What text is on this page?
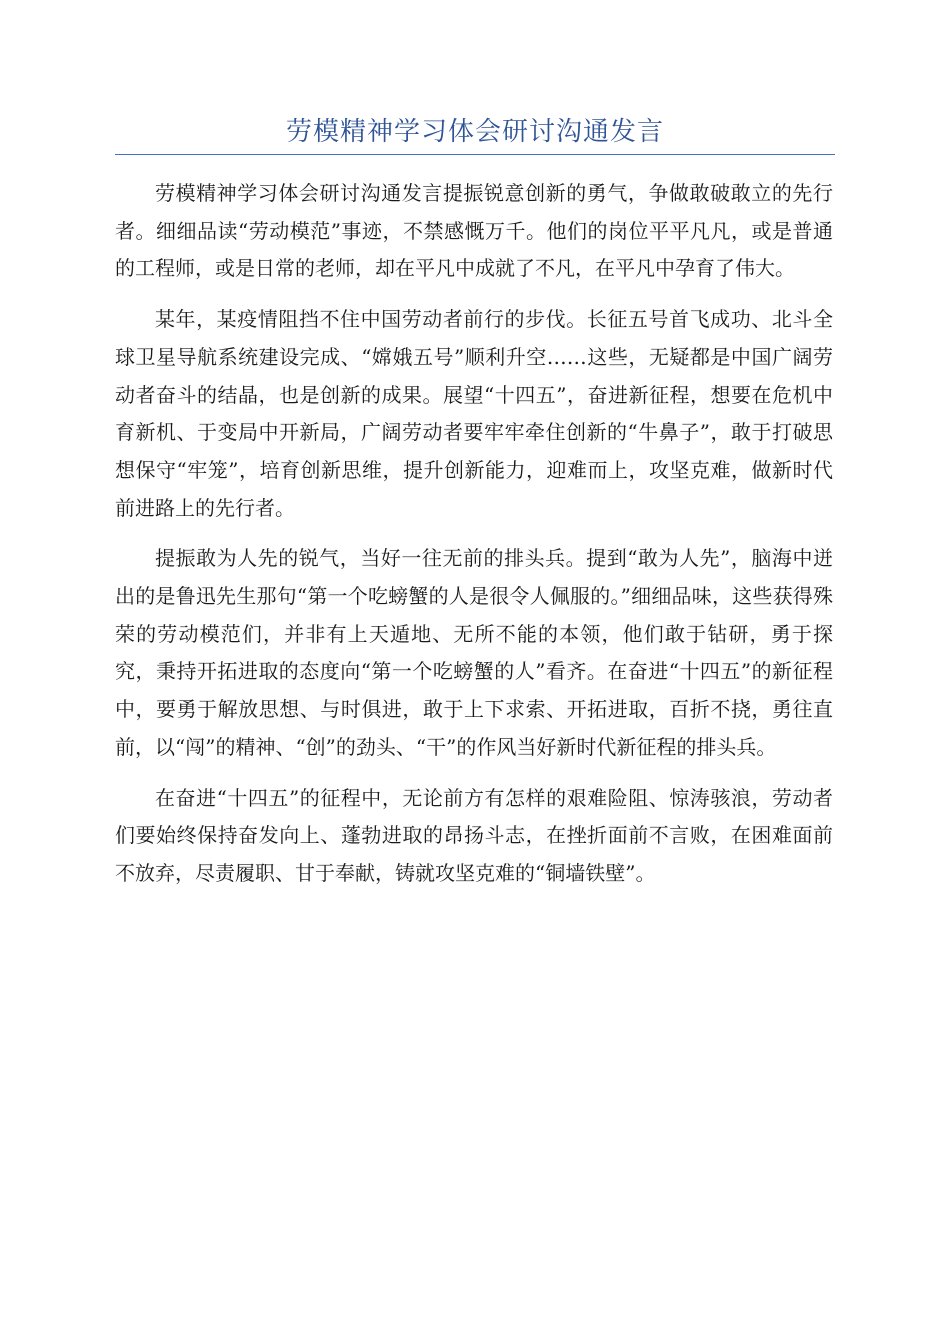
劳模精神学习体会研讨沟通发言

劳模精神学习体会研讨沟通发言提振锐意创新的勇气，争做敢破敢立的先行者。细细品读“劳动模范”事迹，不禁感慨万千。他们的岗位平平凡凡，或是普通的工程师，或是日常的老师，却在平凡中成就了不凡，在平凡中孕育了伟大。

某年，某疫情阻挡不住中国劳动者前行的步伐。长征五号首飞成功、北斗全球卫星导航系统建设完成、“嫦娥五号”顺利升空……这些，无疑都是中国广阔劳动者奋斗的结晶，也是创新的成果。展望“十四五”，奋进新征程，想要在危机中育新机、于变局中开新局，广阔劳动者要牢牢牵住创新的“牛鼻子”，敢于打破思想保守“牢笼”，培育创新思维，提升创新能力，迎难而上，攻坚克难，做新时代前进路上的先行者。

提振敢为人先的锐气，当好一往无前的排头兵。提到“敢为人先”，脑海中迸出的是鲁迅先生那句“第一个吃螃蟹的人是很令人佩服的。”细细品味，这些获得殊荣的劳动模范们，并非有上天遁地、无所不能的本领，他们敢于钻研，勇于探究，秉持开拓进取的态度向“第一个吃螃蟹的人”看齐。在奋进“十四五”的新征程中，要勇于解放思想、与时俱进，敢于上下求索、开拓进取，百折不挠，勇往直前，以“闯”的精神、“创”的劲头、“干”的作风当好新时代新征程的排头兵。

在奋进“十四五”的征程中，无论前方有怎样的艰难险阻、惊涛骇浪，劳动者们要始终保持奋发向上、蓬勃进取的昂扬斗志，在挫折面前不言败，在困难面前不放弃，尽责履职、甘于奉献，铸就攻坚克难的“铜墙铁壁”。
